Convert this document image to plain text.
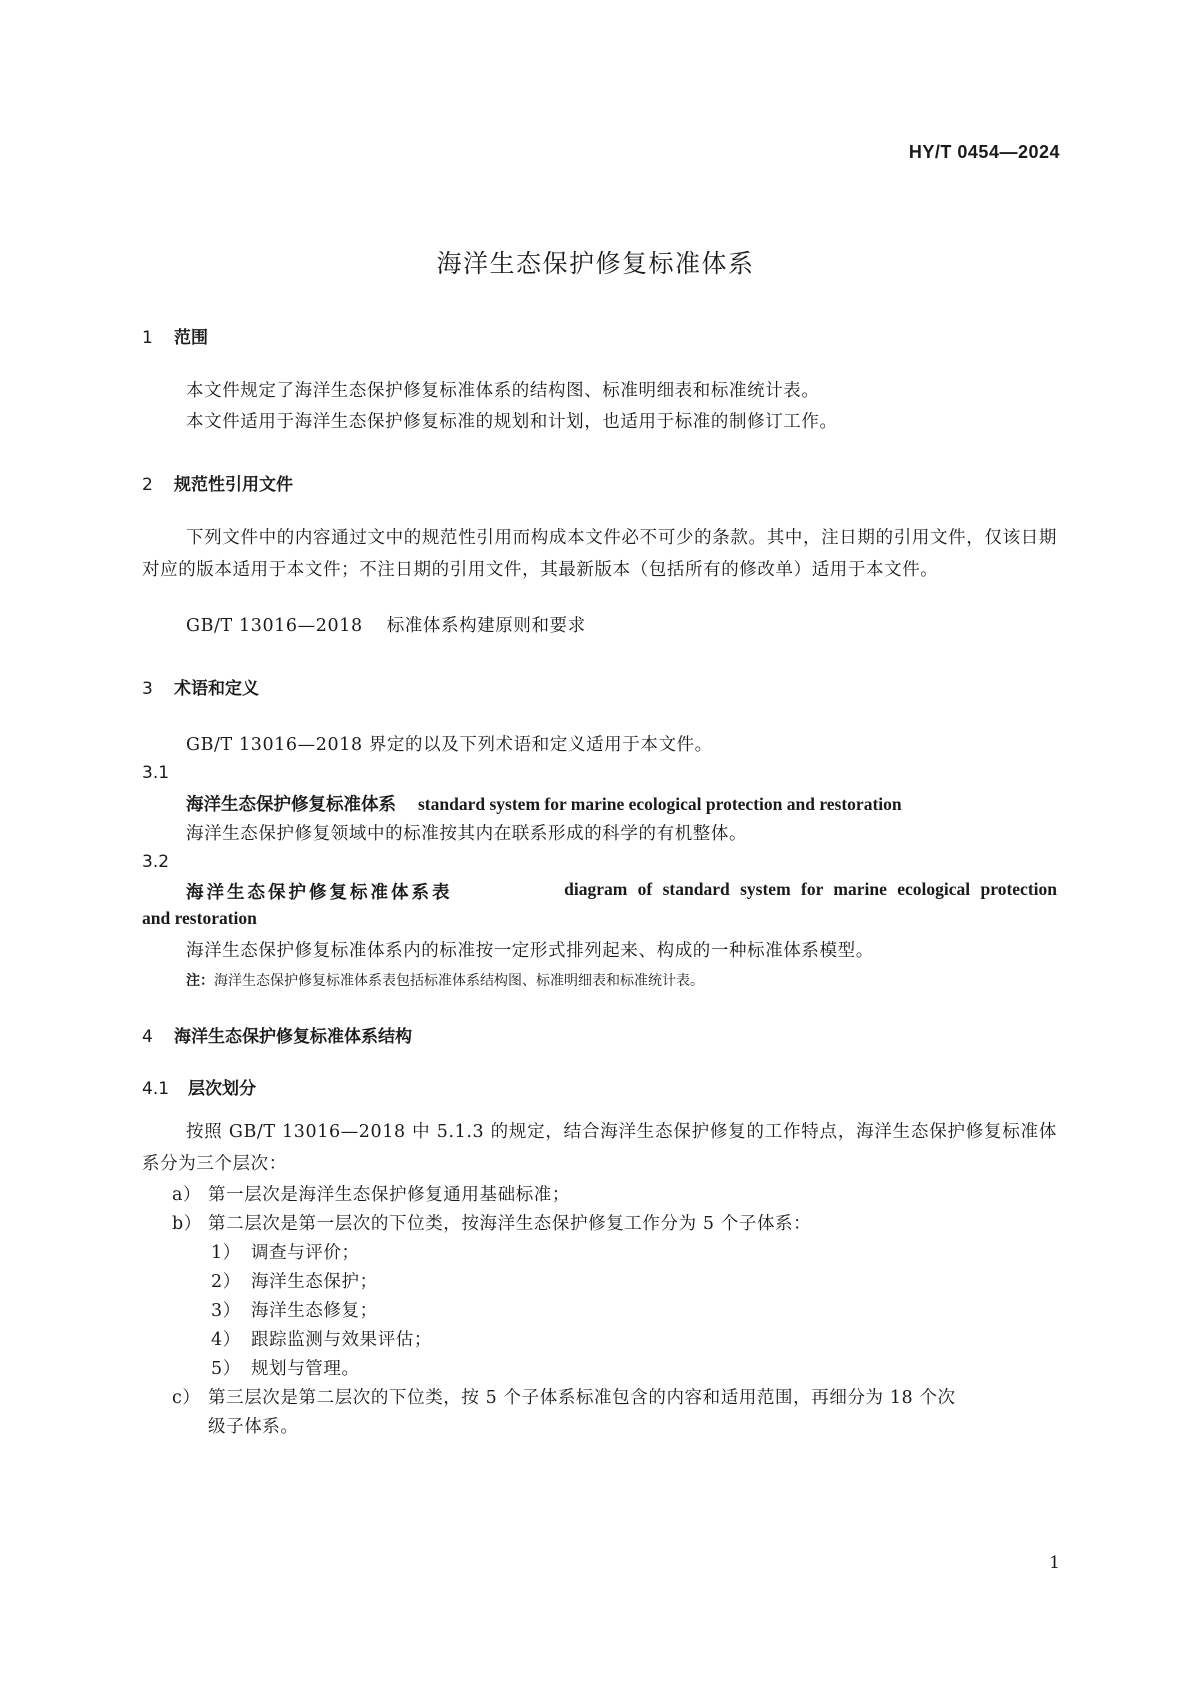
HY/T 0454—2024
海洋生态保护修复标准体系
1 范围
本文件规定了海洋生态保护修复标准体系的结构图、标准明细表和标准统计表。
本文件适用于海洋生态保护修复标准的规划和计划，也适用于标准的制修订工作。
2 规范性引用文件
下列文件中的内容通过文中的规范性引用而构成本文件必不可少的条款。其中，注日期的引用文件，仅该日期对应的版本适用于本文件；不注日期的引用文件，其最新版本（包括所有的修改单）适用于本文件。
GB/T 13016—2018 标准体系构建原则和要求
3 术语和定义
GB/T 13016—2018 界定的以及下列术语和定义适用于本文件。
3.1
海洋生态保护修复标准体系 standard system for marine ecological protection and restoration
海洋生态保护修复领域中的标准按其内在联系形成的科学的有机整体。
3.2
海洋生态保护修复标准体系表	diagram of standard system for marine ecological protection
and restoration
海洋生态保护修复标准体系内的标准按一定形式排列起来、构成的一种标准体系模型。
注：海洋生态保护修复标准体系表包括标准体系结构图、标准明细表和标准统计表。
4 海洋生态保护修复标准体系结构
4.1 层次划分
按照 GB/T 13016—2018 中 5.1.3 的规定，结合海洋生态保护修复的工作特点，海洋生态保护修复标准体系分为三个层次：
a） 第一层次是海洋生态保护修复通用基础标准；
b） 第二层次是第一层次的下位类，按海洋生态保护修复工作分为 5 个子体系：
1） 调查与评价；
2） 海洋生态保护；
3） 海洋生态修复；
4） 跟踪监测与效果评估；
5） 规划与管理。
c） 第三层次是第二层次的下位类，按 5 个子体系标准包含的内容和适用范围，再细分为 18 个次
级子体系。
1
